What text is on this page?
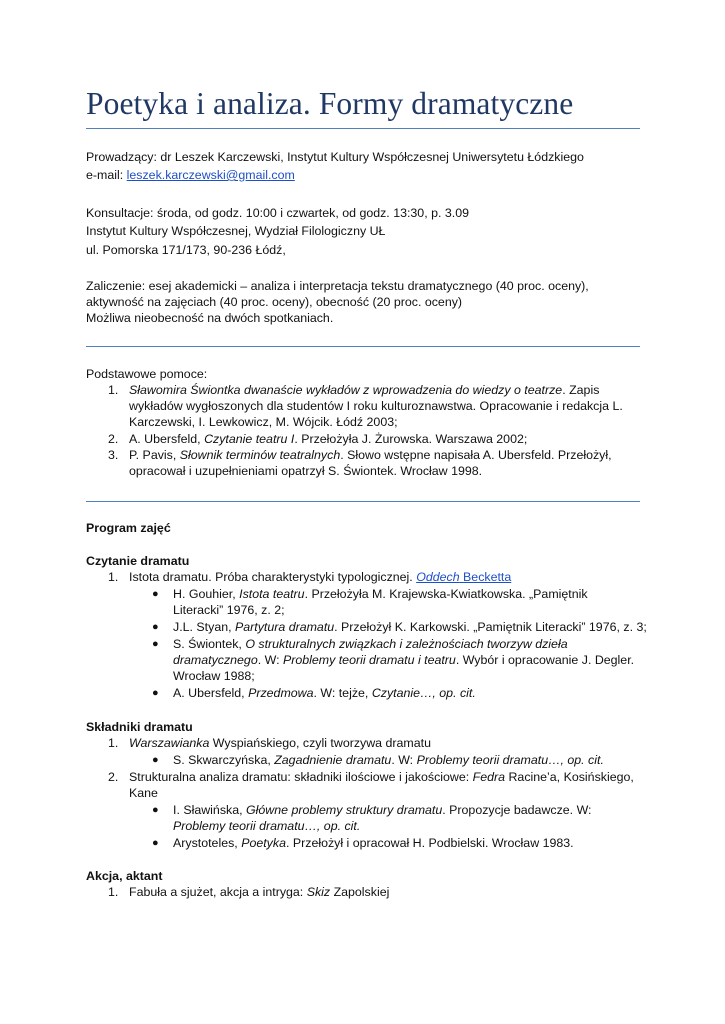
Poetyka i analiza. Formy dramatyczne
Prowadzący: dr Leszek Karczewski, Instytut Kultury Współczesnej Uniwersytetu Łódzkiego
e-mail: leszek.karczewski@gmail.com
Konsultacje: środa, od godz. 10:00 i czwartek, od godz. 13:30, p. 3.09
Instytut Kultury Współczesnej, Wydział Filologiczny UŁ
ul. Pomorska 171/173, 90-236 Łódź,
Zaliczenie: esej akademicki – analiza i interpretacja tekstu dramatycznego (40 proc. oceny),
aktywność na zajęciach (40 proc. oceny), obecność (20 proc. oceny)
Możliwa nieobecność na dwóch spotkaniach.
Podstawowe pomoce:
1. Sławomira Świontka dwanaście wykładów z wprowadzenia do wiedzy o teatrze. Zapis
wykładów wygłoszonych dla studentów I roku kulturoznawstwa. Opracowanie i redakcja L.
Karczewski, I. Lewkowicz, M. Wójcik. Łódź 2003;
2. A. Ubersfeld, Czytanie teatru I. Przełożyła J. Żurowska. Warszawa 2002;
3. P. Pavis, Słownik terminów teatralnych. Słowo wstępne napisała A. Ubersfeld. Przełożył,
opracował i uzupełnieniami opatrzył S. Świontek. Wrocław 1998.
Program zajęć
Czytanie dramatu
1. Istota dramatu. Próba charakterystyki typologicznej. Oddech Becketta
● H. Gouhier, Istota teatru. Przełożyła M. Krajewska-Kwiatkowska. „Pamiętnik
Literacki” 1976, z. 2;
● J.L. Styan, Partytura dramatu. Przełożył K. Karkowski. „Pamiętnik Literacki” 1976, z. 3;
● S. Świontek, O strukturalnych związkach i zależnościach tworzyw dzieła
dramatycznego. W: Problemy teorii dramatu i teatru. Wybór i opracowanie J. Degler.
Wrocław 1988;
● A. Ubersfeld, Przedmowa. W: tejże, Czytanie…, op. cit.
Składniki dramatu
1. Warszawianka Wyspiańskiego, czyli tworzywa dramatu
● S. Skwarczyńska, Zagadnienie dramatu. W: Problemy teorii dramatu…, op. cit.
2. Strukturalna analiza dramatu: składniki ilościowe i jakościowe: Fedra Racine’a, Kosińskiego,
Kane
● I. Sławińska, Główne problemy struktury dramatu. Propozycje badawcze. W:
Problemy teorii dramatu…, op. cit.
● Arystoteles, Poetyka. Przełożył i opracował H. Podbielski. Wrocław 1983.
Akcja, aktant
1. Fabuła a sjużet, akcja a intryga: Skiz Zapolskiej
